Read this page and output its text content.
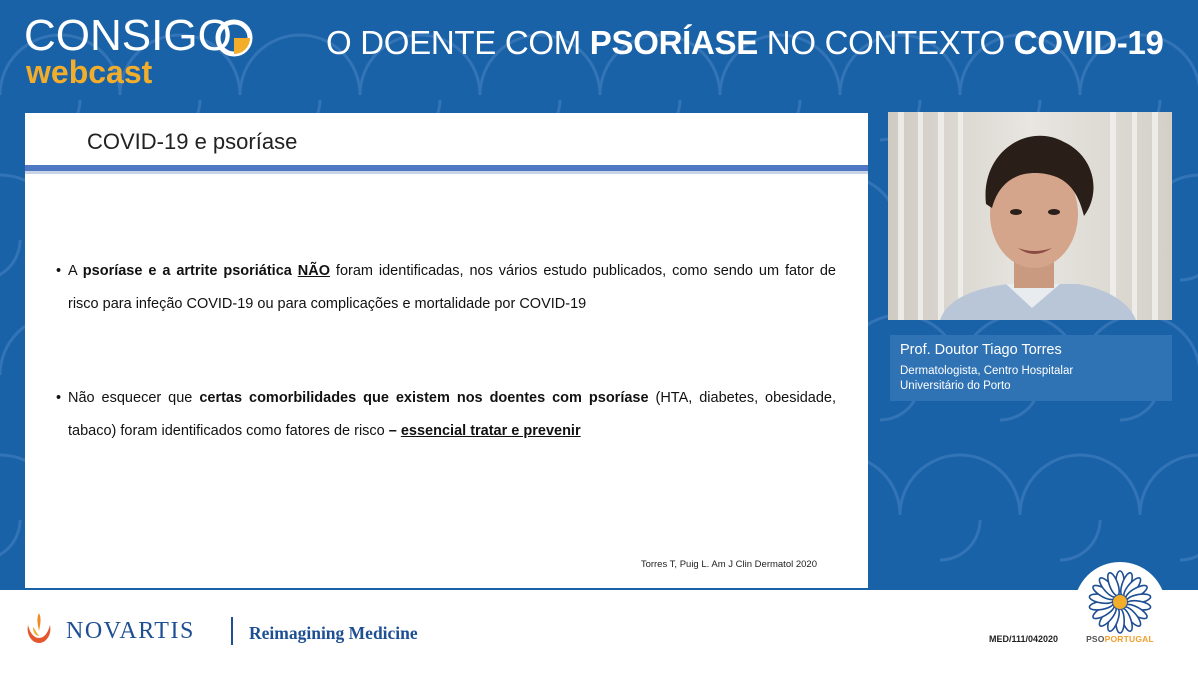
CONSIGO
webcast
O DOENTE COM PSORÍASE NO CONTEXTO COVID-19
COVID-19 e psoríase
• A psoríase e a artrite psoriática NÃO foram identificadas, nos vários estudo publicados, como sendo um fator de risco para infeção COVID-19 ou para complicações e mortalidade por COVID-19
• Não esquecer que certas comorbilidades que existem nos doentes com psoríase (HTA, diabetes, obesidade, tabaco) foram identificados como fatores de risco – essencial tratar e prevenir
Torres T, Puig L. Am J Clin Dermatol 2020
Prof. Doutor Tiago Torres
Dermatologista, Centro Hospitalar
Universitário do Porto
NOVARTIS	Reimagining Medicine	MED/111/042020	PSOPORTUGAL
